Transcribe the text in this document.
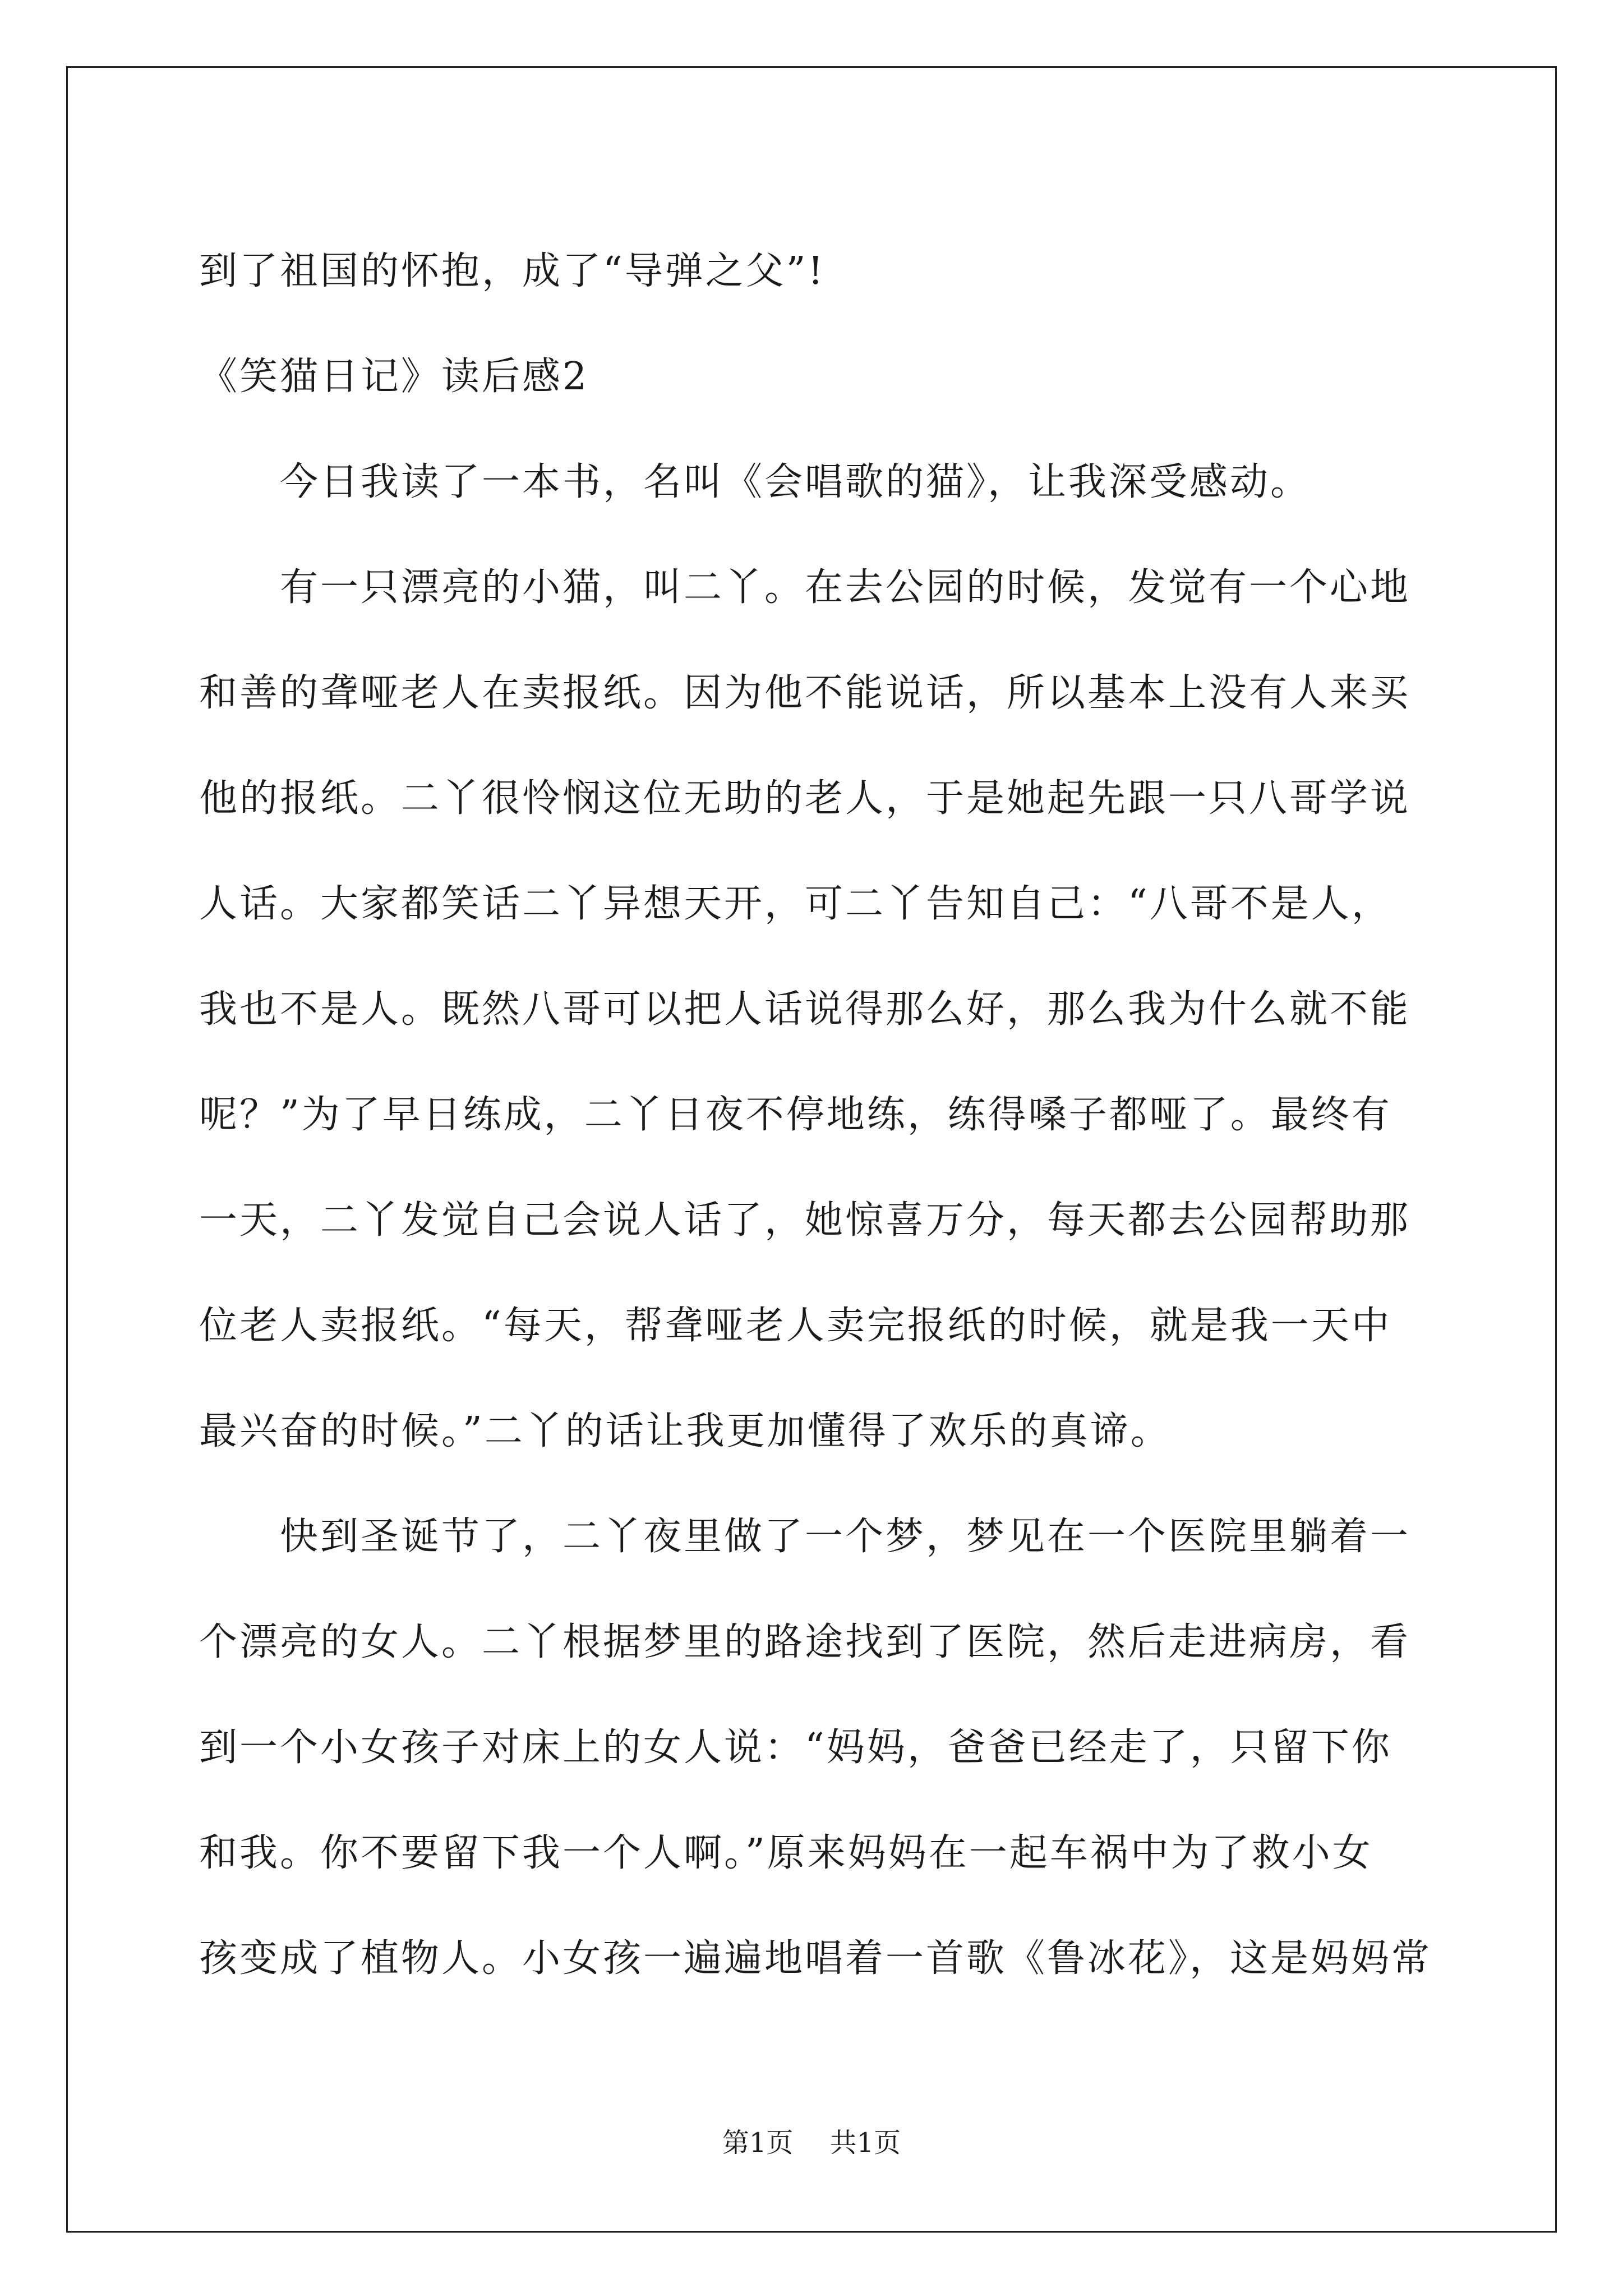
到了祖国的怀抱，成了“导弹之父”!
《笑猫日记》读后感2
　　今日我读了一本书，名叫《会唱歌的猫》，让我深受感动。
　　有一只漂亮的小猫，叫二丫。在去公园的时候，发觉有一个心地
和善的聋哑老人在卖报纸。因为他不能说话，所以基本上没有人来买
他的报纸。二丫很怜悯这位无助的老人，于是她起先跟一只八哥学说
人话。大家都笑话二丫异想天开，可二丫告知自己：“八哥不是人，
我也不是人。既然八哥可以把人话说得那么好，那么我为什么就不能
呢？”为了早日练成，二丫日夜不停地练，练得嗓子都哑了。最终有
一天，二丫发觉自己会说人话了，她惊喜万分，每天都去公园帮助那
位老人卖报纸。“每天，帮聋哑老人卖完报纸的时候，就是我一天中
最兴奋的时候。”二丫的话让我更加懂得了欢乐的真谛。
　　快到圣诞节了，二丫夜里做了一个梦，梦见在一个医院里躺着一
个漂亮的女人。二丫根据梦里的路途找到了医院，然后走进病房，看
到一个小女孩子对床上的女人说：“妈妈，爸爸已经走了，只留下你
和我。你不要留下我一个人啊。”原来妈妈在一起车祸中为了救小女
孩变成了植物人。小女孩一遍遍地唱着一首歌《鲁冰花》，这是妈妈常
第1页 共1页
